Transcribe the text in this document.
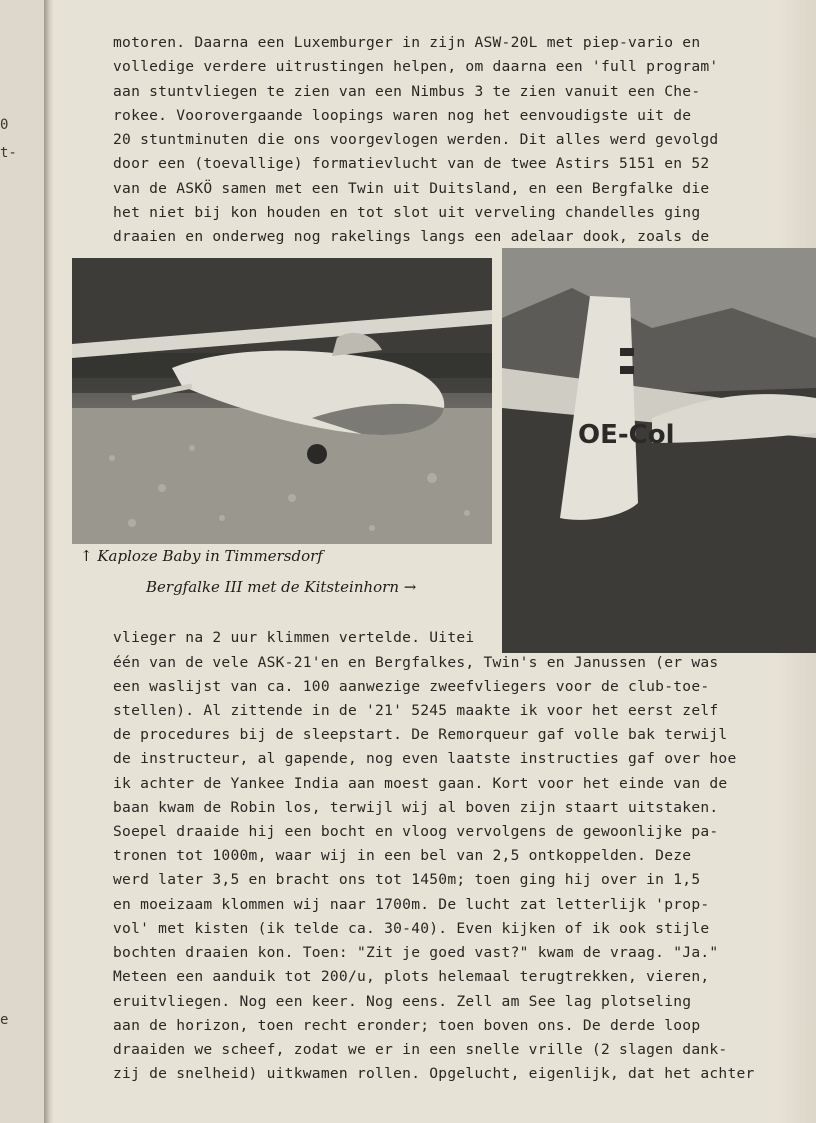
0
t-
e
motoren. Daarna een Luxemburger in zijn ASW-20L met piep-vario en
volledige verdere uitrustingen helpen, om daarna een 'full program'
aan stuntvliegen te zien van een Nimbus 3 te zien vanuit een Che-
rokee. Voorovergaande loopings waren nog het eenvoudigste uit de
20 stuntminuten die ons voorgevlogen werden. Dit alles werd gevolgd
door een (toevallige) formatievlucht van de twee Astirs 5151 en 52
van de ASKÖ samen met een Twin uit Duitsland, en een Bergfalke die
het niet bij kon houden en tot slot uit verveling chandelles ging
draaien en onderweg nog rakelings langs een adelaar dook, zoals de
OE-Col
↑ Kaploze Baby in Timmersdorf
Bergfalke III met de Kitsteinhorn →
vlieger na 2 uur klimmen vertelde. Uitei
één van de vele ASK-21'en en Bergfalkes, Twin's en Janussen (er was
een waslijst van ca. 100 aanwezige zweefvliegers voor de club-toe-
stellen). Al zittende in de '21' 5245 maakte ik voor het eerst zelf
de procedures bij de sleepstart. De Remorqueur gaf volle bak terwijl
de instructeur, al gapende, nog even laatste instructies gaf over hoe
ik achter de Yankee India aan moest gaan. Kort voor het einde van de
baan kwam de Robin los, terwijl wij al boven zijn staart uitstaken.
Soepel draaide hij een bocht en vloog vervolgens de gewoonlijke pa-
tronen tot 1000m, waar wij in een bel van 2,5 ontkoppelden. Deze
werd later 3,5 en bracht ons tot 1450m; toen ging hij over in 1,5
en moeizaam klommen wij naar 1700m. De lucht zat letterlijk 'prop-
vol' met kisten (ik telde ca. 30-40). Even kijken of ik ook stijle
bochten draaien kon. Toen: "Zit je goed vast?" kwam de vraag. "Ja."
Meteen een aanduik tot 200/u, plots helemaal terugtrekken, vieren,
eruitvliegen. Nog een keer. Nog eens. Zell am See lag plotseling
aan de horizon, toen recht eronder; toen boven ons. De derde loop
draaiden we scheef, zodat we er in een snelle vrille (2 slagen dank-
zij de snelheid) uitkwamen rollen. Opgelucht, eigenlijk, dat het achter
